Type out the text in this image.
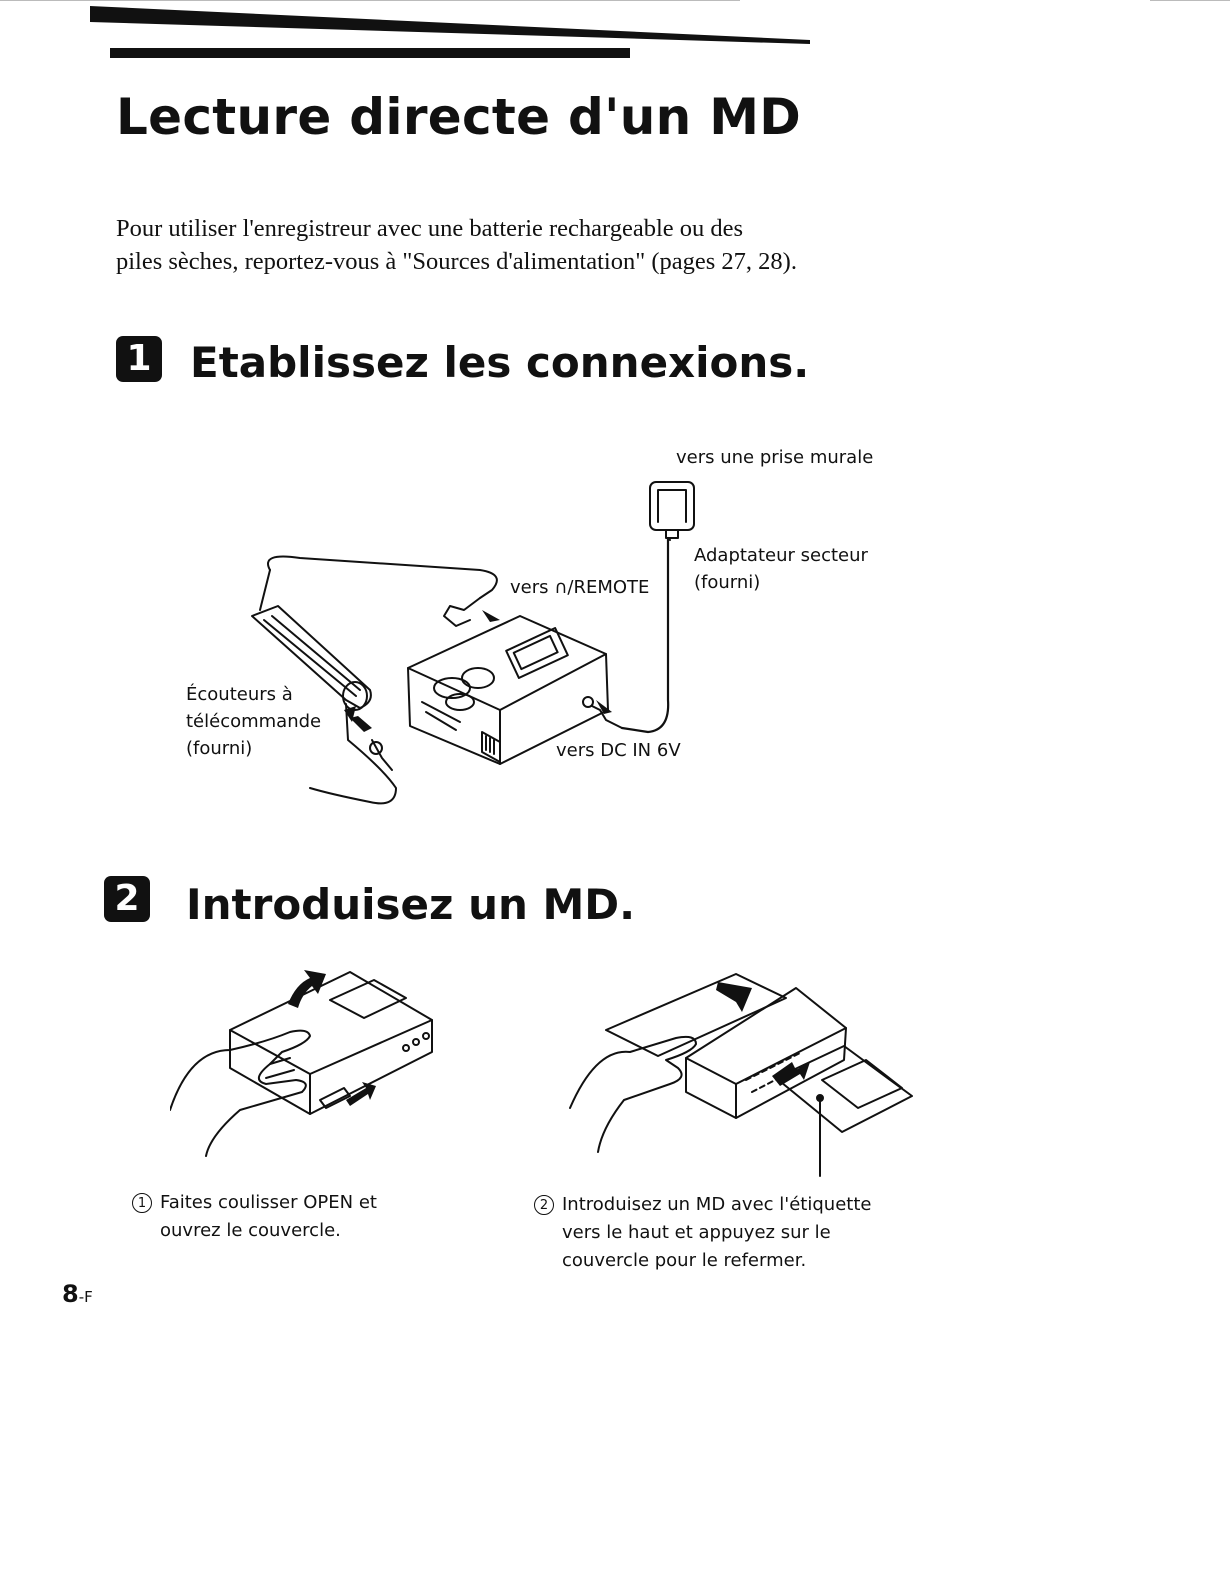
Lecture directe d'un MD

Pour utiliser l'enregistreur avec une batterie rechargeable ou des
piles sèches, reportez-vous à "Sources d'alimentation" (pages 27, 28).

1 Etablissez les connexions.
vers une prise murale
Adaptateur secteur
(fourni)
vers ∩/REMOTE
vers DC IN 6V
Écouteurs à
télécommande
(fourni)
2 Introduisez un MD.
1 Faites coulisser OPEN et
ouvrez le couvercle.
2 Introduisez un MD avec l'étiquette
vers le haut et appuyez sur le
couvercle pour le refermer.
8-F
